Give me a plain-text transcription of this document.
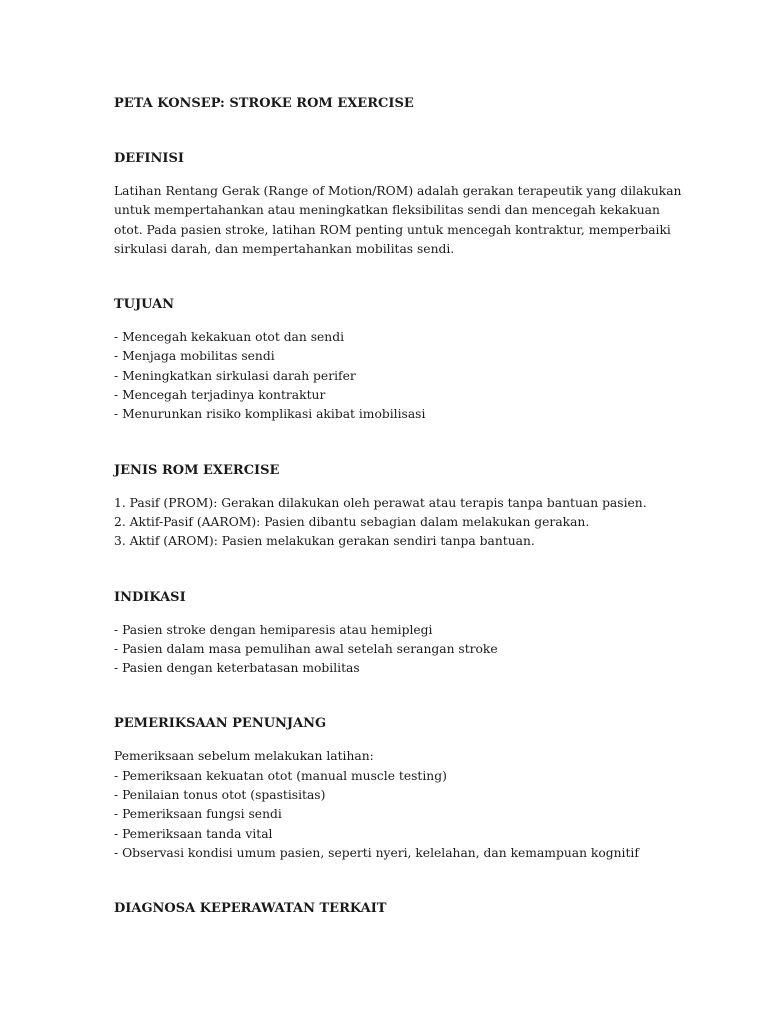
PETA KONSEP: STROKE ROM EXERCISE

DEFINISI

Latihan Rentang Gerak (Range of Motion/ROM) adalah gerakan terapeutik yang dilakukan

untuk mempertahankan atau meningkatkan fleksibilitas sendi dan mencegah kekakuan

otot. Pada pasien stroke, latihan ROM penting untuk mencegah kontraktur, memperbaiki

sirkulasi darah, dan mempertahankan mobilitas sendi.

TUJUAN

- Mencegah kekakuan otot dan sendi

- Menjaga mobilitas sendi

- Meningkatkan sirkulasi darah perifer

- Mencegah terjadinya kontraktur

- Menurunkan risiko komplikasi akibat imobilisasi

JENIS ROM EXERCISE

1. Pasif (PROM): Gerakan dilakukan oleh perawat atau terapis tanpa bantuan pasien.

2. Aktif-Pasif (AAROM): Pasien dibantu sebagian dalam melakukan gerakan.

3. Aktif (AROM): Pasien melakukan gerakan sendiri tanpa bantuan.

INDIKASI

- Pasien stroke dengan hemiparesis atau hemiplegi

- Pasien dalam masa pemulihan awal setelah serangan stroke

- Pasien dengan keterbatasan mobilitas

PEMERIKSAAN PENUNJANG

Pemeriksaan sebelum melakukan latihan:

- Pemeriksaan kekuatan otot (manual muscle testing)

- Penilaian tonus otot (spastisitas)

- Pemeriksaan fungsi sendi

- Pemeriksaan tanda vital

- Observasi kondisi umum pasien, seperti nyeri, kelelahan, dan kemampuan kognitif

DIAGNOSA KEPERAWATAN TERKAIT
